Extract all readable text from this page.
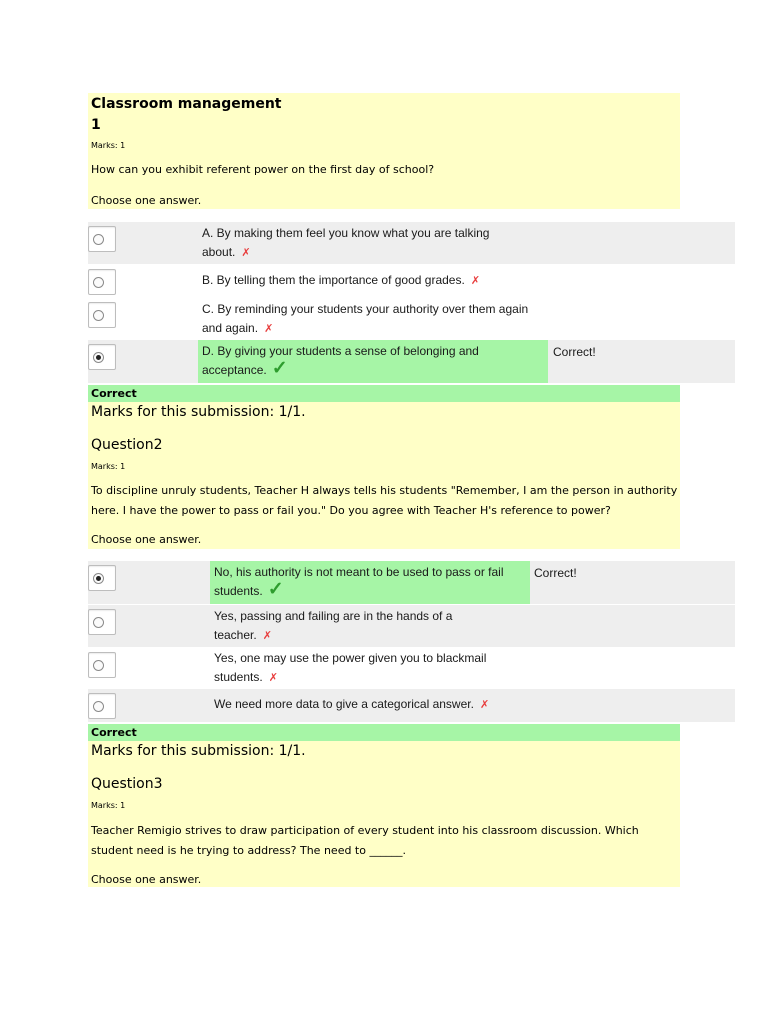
Classroom management
1
Marks: 1
How can you exhibit referent power on the first day of school?
Choose one answer.
A. By making them feel you know what you are talking
about. ✗
B. By telling them the importance of good grades. ✗
C. By reminding your students your authority over them again
and again. ✗
D. By giving your students a sense of belonging and
acceptance. ✓
Correct!
Correct
Marks for this submission: 1/1.
Question2
Marks: 1
To discipline unruly students, Teacher H always tells his students "Remember, I am the person in authority
here. I have the power to pass or fail you." Do you agree with Teacher H's reference to power?
Choose one answer.
No, his authority is not meant to be used to pass or fail
students. ✓
Correct!
Yes, passing and failing are in the hands of a
teacher. ✗
Yes, one may use the power given you to blackmail
students. ✗
We need more data to give a categorical answer. ✗
Correct
Marks for this submission: 1/1.
Question3
Marks: 1
Teacher Remigio strives to draw participation of every student into his classroom discussion. Which
student need is he trying to address? The need to ______.
Choose one answer.
